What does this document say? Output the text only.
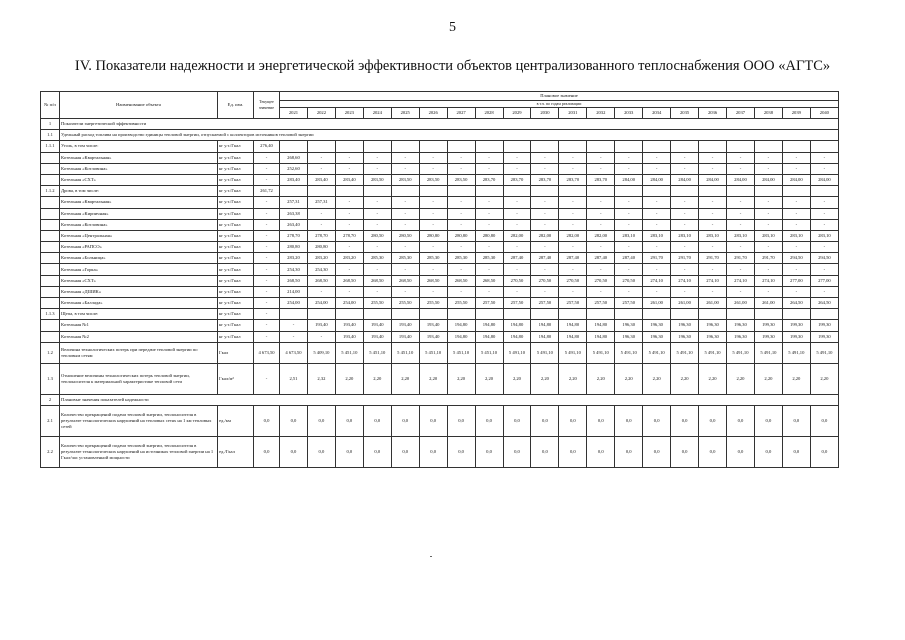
5
IV. Показатели надежности и энергетической эффективности объектов централизованного теплоснабжения ООО «АГТС»
№ п/п	Наименование объекта	Ед. изм.	Текущее значение	Плановое значение																			
				в т.ч. по годам реализации																			
				2021	2022	2023	2024	2025	2026	2027	2028	2029	2030	2031	2032	2033	2034	2035	2036	2037	2038	2039	2040
1	Показатели энергетической эффективности																						
1.1	Удельный расход топлива на производство единицы тепловой энергии, отпускаемой с коллекторов источников тепловой энергии																						
1.1.1	Уголь, в том числе:	кг у.т./Гкал	276,40																				
	Котельная «Квартальная»	кг у.т./Гкал	-	268,60	-	-	-	-	-	-	-	-	-	-	-	-	-	-	-	-	-	-	-
	Котельная «Котловина»	кг у.т./Гкал	-	252,60	-	-	-	-	-	-	-	-	-	-	-	-	-	-	-	-	-	-	-
	Котельная «СХТ»	кг у.т./Гкал	-	283,40	283,40	283,40	283,50	283,50	283,50	283,50	283,70	283,70	283,70	283,70	283,70	284,00	284,00	284,00	284,00	284,00	284,00	284,00	284,00
1.1.2	Дрова, в том числе:	кг у.т./Гкал	261,72																				
	Котельная «Квартальная»	кг у.т./Гкал	-	257,31	257,31	-	-	-	-	-	-	-	-	-	-	-	-	-	-	-	-	-	-
	Котельная «Кирпичная»	кг у.т./Гкал	-	263,38	-	-	-	-	-	-	-	-	-	-	-	-	-	-	-	-	-	-	-
	Котельная «Котловина»	кг у.т./Гкал	-	263,40	-	-	-	-	-	-	-	-	-	-	-	-	-	-	-	-	-	-	-
	Котельная «Центральная»	кг у.т./Гкал	-	278,70	278,70	278,70	280,50	280,50	280,80	280,80	280,80	282,00	282,00	282,00	282,00	283,10	283,10	283,10	283,10	283,10	283,10	283,10	283,10
	Котельная «РАПСО»	кг у.т./Гкал	-	280,80	280,80	-	-	-	-	-	-	-	-	-	-	-	-	-	-	-	-	-	-
	Котельная «Больница»	кг у.т./Гкал	-	283,20	283,20	283,20	285,30	285,30	285,30	285,30	285,30	287,40	287,40	287,40	287,40	287,40	291,70	291,70	291,70	291,70	291,70	294,50	294,50
	Котельная «Горка»	кг у.т./Гкал	-	254,30	254,30	-	-	-	-	-	-	-	-	-	-	-	-	-	-	-	-	-	-
	Котельная «СХТ»	кг у.т./Гкал	-	268,50	268,50	268,50	268,50	268,50	268,50	268,50	268,50	270,50	270,50	270,50	270,50	270,50	274,10	274,10	274,10	274,10	274,10	277,00	277,00
	Котельная «ДШИК»	кг у.т./Гкал	-	214,00	-	-	-	-	-	-	-	-	-	-	-	-	-	-	-	-	-	-	-
	Котельная «Баллада»	кг у.т./Гкал	-	254,00	254,00	254,00	255,50	255,50	255,50	255,50	257,50	257,50	257,50	257,50	257,50	257,50	261,00	261,00	261,00	261,00	261,00	264,50	264,50
1.1.3	Щепа, в том числе:	кг у.т./Гкал	-																				
	Котельная №1	кг у.т./Гкал	-	-	193,40	193,40	193,40	193,40	193,40	194,80	194,80	194,80	194,80	194,80	194,80	196,30	196,30	196,30	196,30	196,30	199,30	199,30	199,30
	Котельная №2	кг у.т./Гкал	-	-	-	193,40	193,40	193,40	193,40	194,80	194,80	194,80	194,80	194,80	194,80	196,30	196,30	196,30	196,30	196,30	199,30	199,30	199,30
1.2	Величина технологических потерь при передаче тепловой энергии по тепловым сетям	Гкал	4 673,50	4 673,50	5 409,10	5 451,10	5 451,10	5 451,10	5 451,10	5 451,10	5 451,10	5 491,10	5 491,10	5 491,10	5 491,10	5 491,10	5 491,10	5 491,10	5 491,10	5 491,10	5 491,10	5 491,10	5 491,10
1.3	Отношение величины технологических потерь тепловой энергии, теплоносителя к материальной характеристике тепловой сети	Гкал/м²	-	2,51	2,32	2,20	2,20	2,20	2,20	2,20	2,20	2,20	2,20	2,20	2,20	2,20	2,20	2,20	2,20	2,20	2,20	2,20	2,20
2	Плановые значения показателей надежности																						
2.1	Количество прекращений подачи тепловой энергии, теплоносителя в результате технологических нарушений на тепловых сетях на 1 км тепловых сетей	ед./км	0,0	0,0	0,0	0,0	0,0	0,0	0,0	0,0	0,0	0,0	0,0	0,0	0,0	0,0	0,0	0,0	0,0	0,0	0,0	0,0	0,0
2.2	Количество прекращений подачи тепловой энергии, теплоносителя в результате технологических нарушений на источниках тепловой энергии на 1 Гкал/час установленной мощности	ед./Гкал	0,0	0,0	0,0	0,0	0,0	0,0	0,0	0,0	0,0	0,0	0,0	0,0	0,0	0,0	0,0	0,0	0,0	0,0	0,0	0,0	0,0
